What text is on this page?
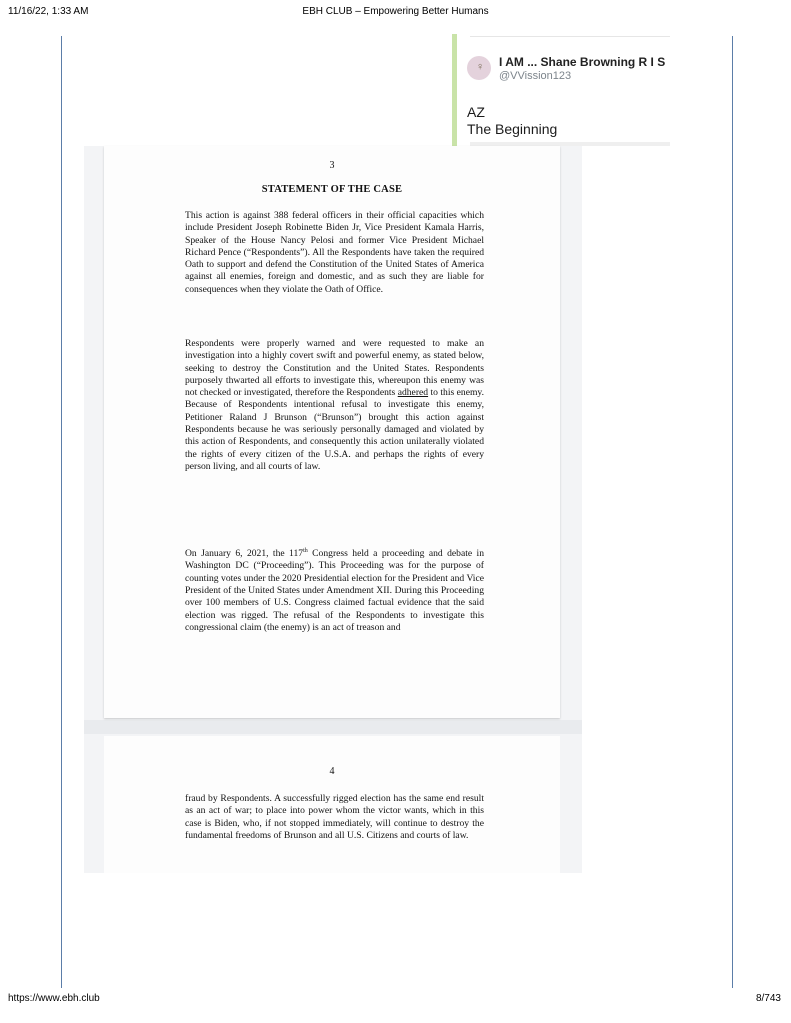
11/16/22, 1:33 AM	EBH CLUB – Empowering Better Humans
♀ I AM ... Shane Browning R I S
@VVission123
AZ
The Beginning
3
STATEMENT OF THE CASE

This action is against 388 federal officers in their official capacities which include President Joseph Robinette Biden Jr, Vice President Kamala Harris, Speaker of the House Nancy Pelosi and former Vice President Michael Richard Pence (“Respondents”). All the Respondents have taken the required Oath to support and defend the Constitution of the United States of America against all enemies, foreign and domestic, and as such they are liable for consequences when they violate the Oath of Office.

Respondents were properly warned and were requested to make an investigation into a highly covert swift and powerful enemy, as stated below, seeking to destroy the Constitution and the United States. Respondents purposely thwarted all efforts to investigate this, whereupon this enemy was not checked or investigated, therefore the Respondents adhered to this enemy. Because of Respondents intentional refusal to investigate this enemy, Petitioner Raland J Brunson (“Brunson”) brought this action against Respondents because he was seriously personally damaged and violated by this action of Respondents, and consequently this action unilaterally violated the rights of every citizen of the U.S.A. and perhaps the rights of every person living, and all courts of law.

On January 6, 2021, the 117th Congress held a proceeding and debate in Washington DC (“Proceeding”). This Proceeding was for the purpose of counting votes under the 2020 Presidential election for the President and Vice President of the United States under Amendment XII. During this Proceeding over 100 members of U.S. Congress claimed factual evidence that the said election was rigged. The refusal of the Respondents to investigate this congressional claim (the enemy) is an act of treason and

4

fraud by Respondents. A successfully rigged election has the same end result as an act of war; to place into power whom the victor wants, which in this case is Biden, who, if not stopped immediately, will continue to destroy the fundamental freedoms of Brunson and all U.S. Citizens and courts of law.

https://www.ebh.club	8/743
